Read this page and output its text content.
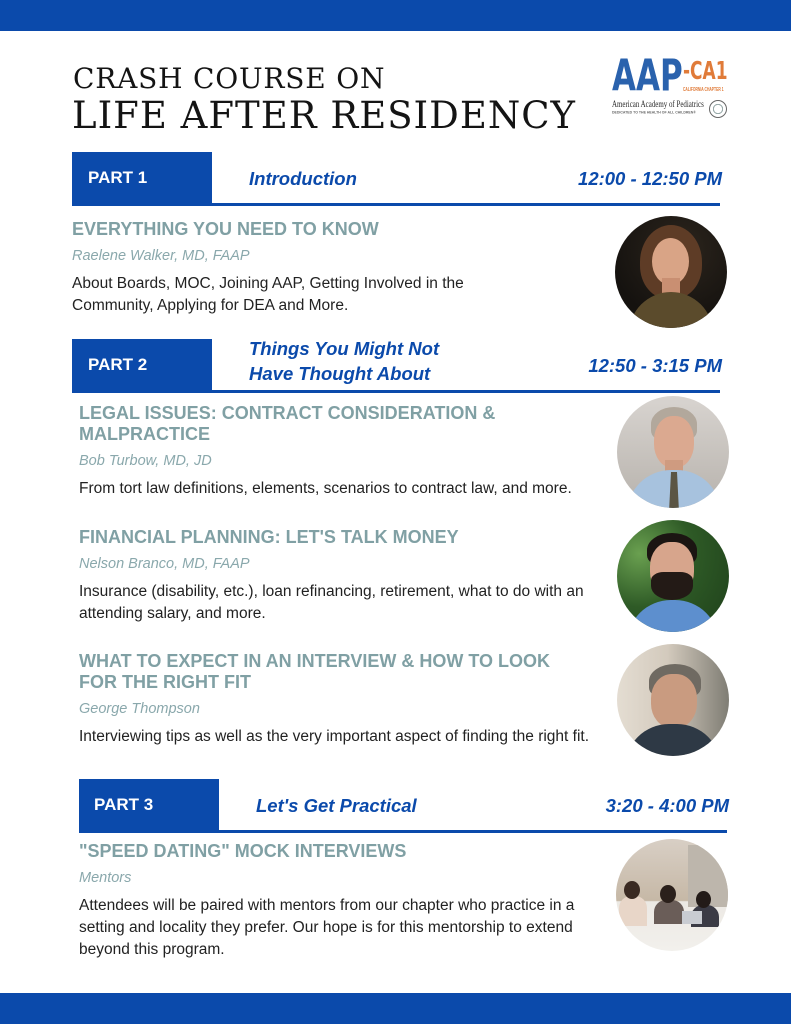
CRASH COURSE ON
LIFE AFTER RESIDENCY
AAP -CA1
CALIFORNIA CHAPTER 1
American Academy of Pediatrics
DEDICATED TO THE HEALTH OF ALL CHILDREN®
PART 1	Introduction	12:00 - 12:50 PM
EVERYTHING YOU NEED TO KNOW
Raelene Walker, MD, FAAP
About Boards, MOC, Joining AAP, Getting Involved in the
Community, Applying for DEA and More.
PART 2
Things You Might Not
Have Thought About	12:50 - 3:15 PM
LEGAL ISSUES: CONTRACT CONSIDERATION &
MALPRACTICE
Bob Turbow, MD, JD
From tort law definitions, elements, scenarios to contract law, and more.
FINANCIAL PLANNING: LET'S TALK MONEY
Nelson Branco, MD, FAAP
Insurance (disability, etc.), loan refinancing, retirement, what to do with an
attending salary, and more.
WHAT TO EXPECT IN AN INTERVIEW & HOW TO LOOK
FOR THE RIGHT FIT
George Thompson
Interviewing tips as well as the very important aspect of finding the right fit.
PART 3	Let's Get Practical	3:20 - 4:00 PM
"SPEED DATING" MOCK INTERVIEWS
Mentors
Attendees will be paired with mentors from our chapter who practice in a
setting and locality they prefer. Our hope is for this mentorship to extend
beyond this program.
